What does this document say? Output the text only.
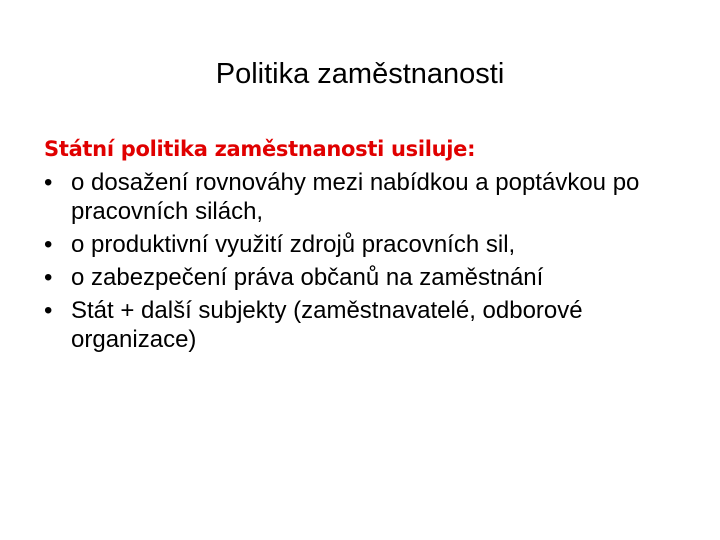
Politika zaměstnanosti
Státní politika zaměstnanosti usiluje:
• o dosažení rovnováhy mezi nabídkou a poptávkou po pracovních silách,
• o produktivní využití zdrojů pracovních sil,
• o zabezpečení práva občanů na zaměstnání
• Stát + další subjekty (zaměstnavatelé, odborové organizace)
